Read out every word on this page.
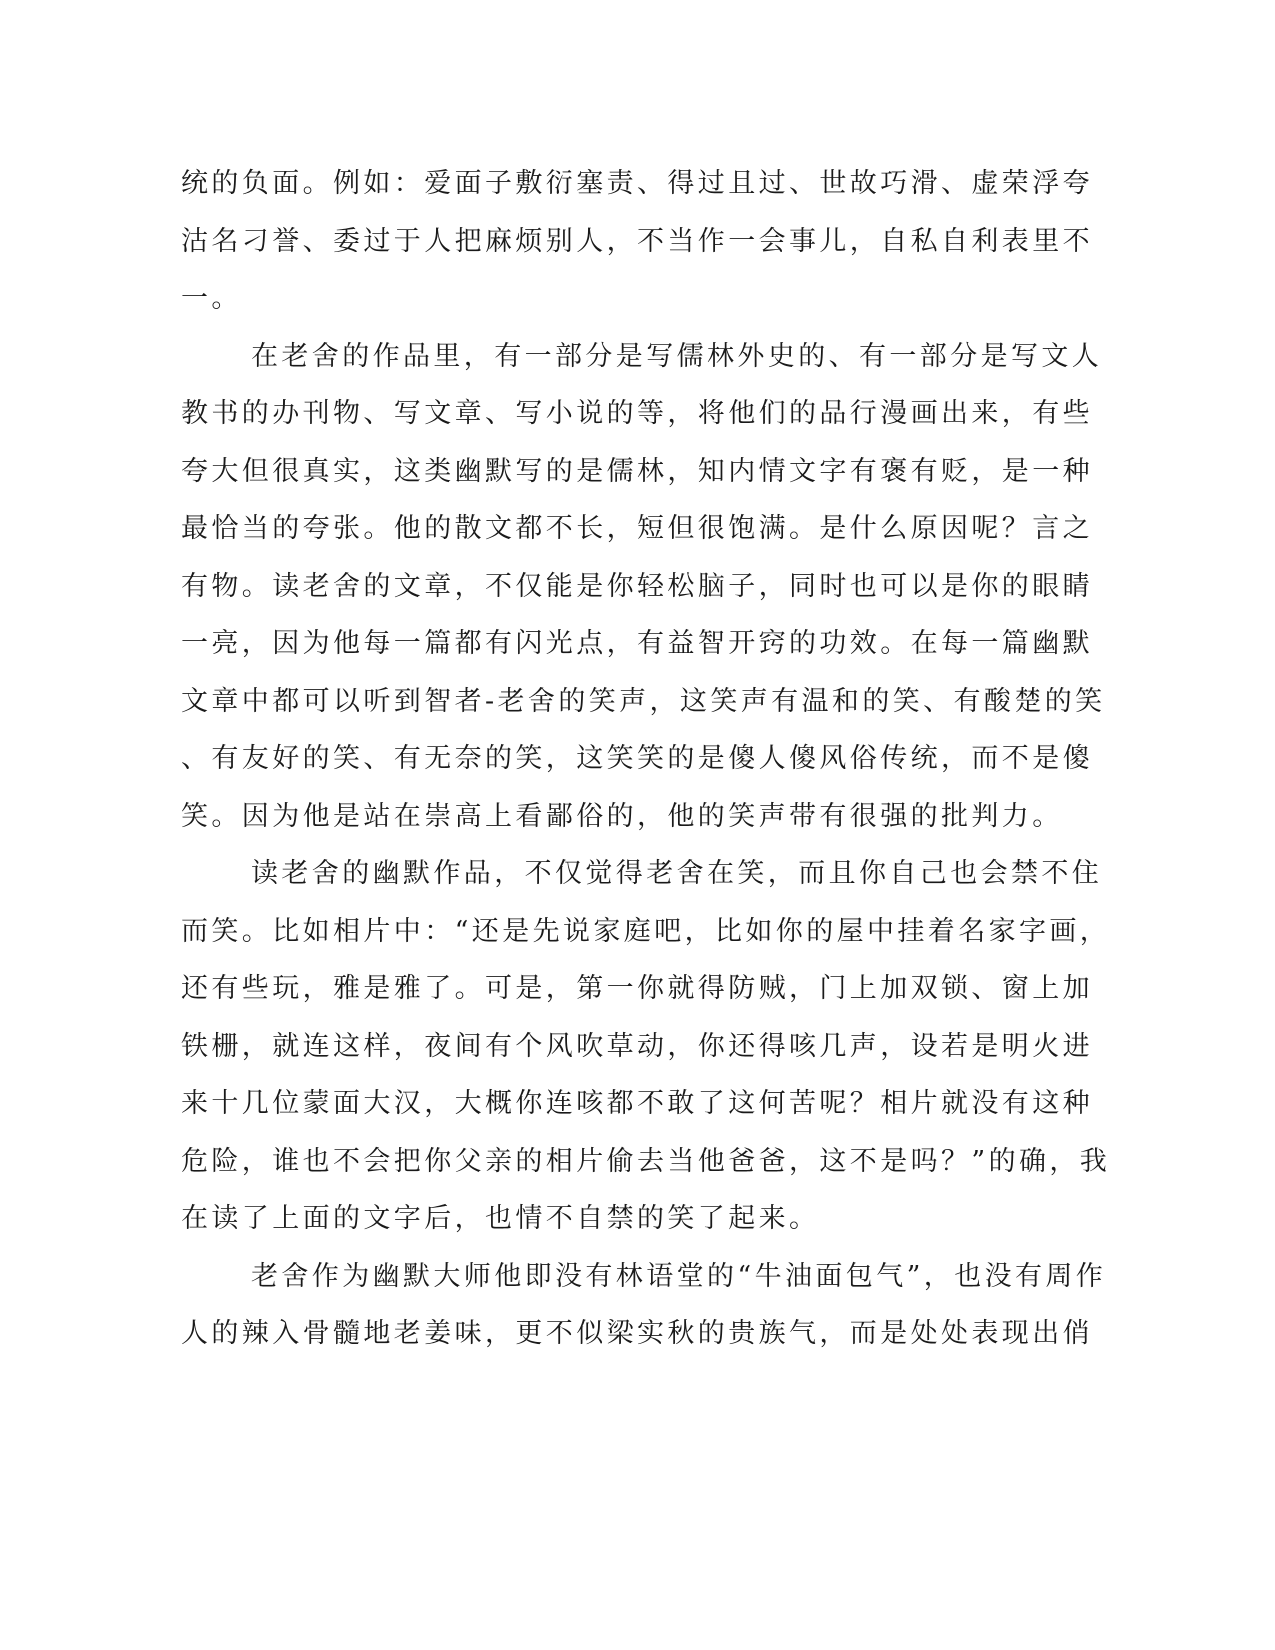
统的负面。例如：爱面子敷衍塞责、得过且过、世故巧滑、虚荣浮夸
沽名刁誉、委过于人把麻烦别人，不当作一会事儿，自私自利表里不
一。
在老舍的作品里，有一部分是写儒林外史的、有一部分是写文人
教书的办刊物、写文章、写小说的等，将他们的品行漫画出来，有些
夸大但很真实，这类幽默写的是儒林，知内情文字有褒有贬，是一种
最恰当的夸张。他的散文都不长，短但很饱满。是什么原因呢？言之
有物。读老舍的文章，不仅能是你轻松脑子，同时也可以是你的眼睛
一亮，因为他每一篇都有闪光点，有益智开窍的功效。在每一篇幽默
文章中都可以听到智者-老舍的笑声，这笑声有温和的笑、有酸楚的笑
、有友好的笑、有无奈的笑，这笑笑的是傻人傻风俗传统，而不是傻
笑。因为他是站在崇高上看鄙俗的，他的笑声带有很强的批判力。
读老舍的幽默作品，不仅觉得老舍在笑，而且你自己也会禁不住
而笑。比如相片中：“还是先说家庭吧，比如你的屋中挂着名家字画，
还有些玩，雅是雅了。可是，第一你就得防贼，门上加双锁、窗上加
铁栅，就连这样，夜间有个风吹草动，你还得咳几声，设若是明火进
来十几位蒙面大汉，大概你连咳都不敢了这何苦呢？相片就没有这种
危险，谁也不会把你父亲的相片偷去当他爸爸，这不是吗？”的确，我
在读了上面的文字后，也情不自禁的笑了起来。
老舍作为幽默大师他即没有林语堂的“牛油面包气”，也没有周作
人的辣入骨髓地老姜味，更不似梁实秋的贵族气，而是处处表现出俏
